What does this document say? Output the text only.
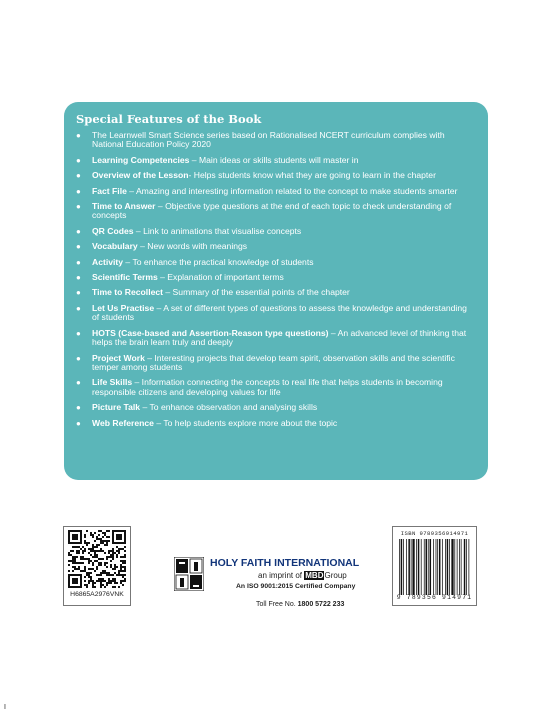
Special Features of the Book
● The Learnwell Smart Science series based on Rationalised NCERT curriculum complies with National Education Policy 2020
● Learning Competencies – Main ideas or skills students will master in
● Overview of the Lesson- Helps students know what they are going to learn in the chapter
● Fact File – Amazing and interesting information related to the concept to make students smarter
● Time to Answer – Objective type questions at the end of each topic to check understanding of concepts
● QR Codes – Link to animations that visualise concepts
● Vocabulary – New words with meanings
● Activity – To enhance the practical knowledge of students
● Scientific Terms – Explanation of important terms
● Time to Recollect – Summary of the essential points of the chapter
● Let Us Practise – A set of different types of questions to assess the knowledge and understanding of students
● HOTS (Case-based and Assertion-Reason type questions) – An advanced level of thinking that helps the brain learn truly and deeply
● Project Work – Interesting projects that develop team spirit, observation skills and the scientific temper among students
● Life Skills – Information connecting the concepts to real life that helps students in becoming responsible citizens and developing values for life
● Picture Talk – To enhance observation and analysing skills
● Web Reference – To help students explore more about the topic
H6865A2976VNK
HOLY FAITH INTERNATIONAL
an imprint of MBDGroup
An ISO 9001:2015 Certified Company
Toll Free No. 1800 5722 233
ISBN 9789356914971
9 789356 914971
I
